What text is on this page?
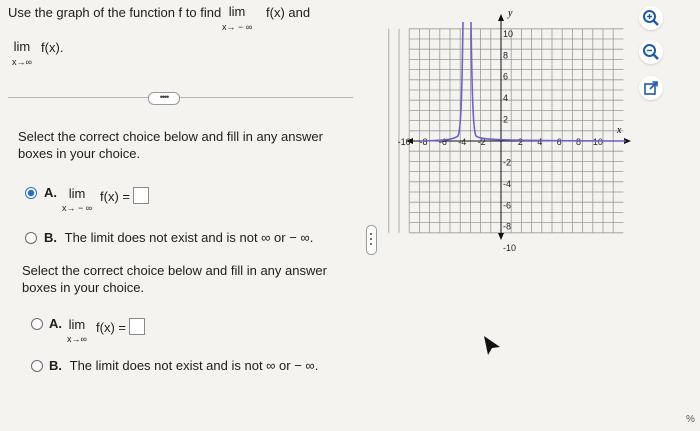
Use the graph of the function f to find lim
x→ − ∞
f(x) and
lim
x→∞
f(x).
••••
Select the correct choice below and fill in any answer
boxes in your choice.
A. lim
x→ − ∞
f(x) =
B. The limit does not exist and is not ∞ or − ∞.
Select the correct choice below and fill in any answer
boxes in your choice.
A. lim
x→∞
f(x) =
B. The limit does not exist and is not ∞ or − ∞.
y
x
-10 -8 -6 -4 -2	2 4 6 8 10
10
8
6
4
2
-2
-4
-6
-8
-10
%
